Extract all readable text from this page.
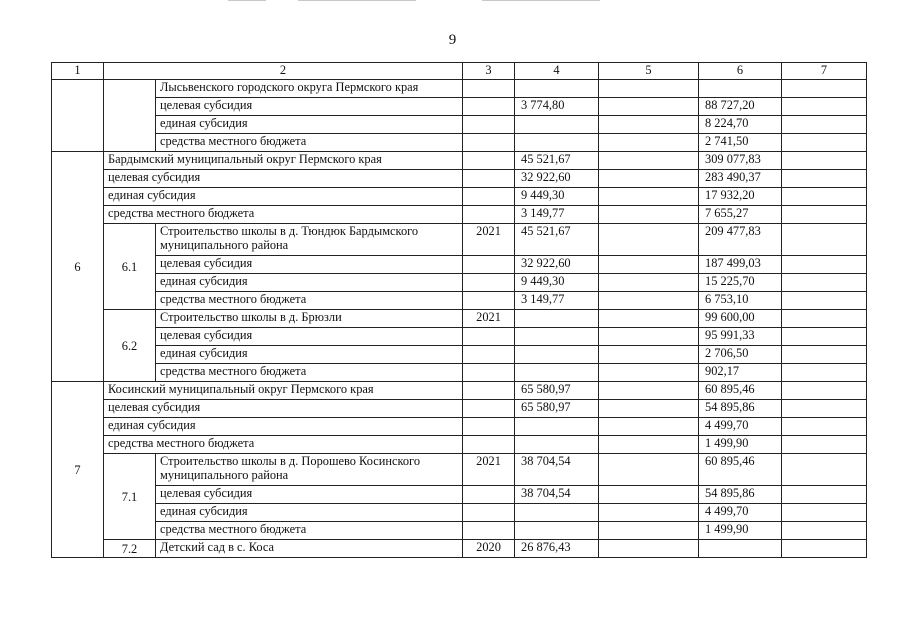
9
1	2		3	4	5	6	7
		Лысьвенского городского округа Пермского края					
		целевая субсидия		3 774,80		88 727,20	
		единая субсидия				8 224,70	
		средства местного бюджета				2 741,50	
6	Бардымский муниципальный округ Пермского края			45 521,67		309 077,83	
	целевая субсидия			32 922,60		283 490,37	
	единая субсидия			9 449,30		17 932,20	
	средства местного бюджета			3 149,77		7 655,27	
	6.1	Строительство школы в д. Тюндюк Бардымского муниципального района	2021	45 521,67		209 477,83	
		целевая субсидия		32 922,60		187 499,03	
		единая субсидия		9 449,30		15 225,70	
		средства местного бюджета		3 149,77		6 753,10	
	6.2	Строительство школы в д. Брюзли	2021			99 600,00	
		целевая субсидия				95 991,33	
		единая субсидия				2 706,50	
		средства местного бюджета				902,17	
7	Косинский муниципальный округ Пермского края			65 580,97		60 895,46	
	целевая субсидия			65 580,97		54 895,86	
	единая субсидия					4 499,70	
	средства местного бюджета					1 499,90	
	7.1	Строительство школы в д. Порошево Косинского муниципального района	2021	38 704,54		60 895,46	
		целевая субсидия		38 704,54		54 895,86	
		единая субсидия				4 499,70	
		средства местного бюджета				1 499,90	
	7.2	Детский сад в с. Коса	2020	26 876,43			
